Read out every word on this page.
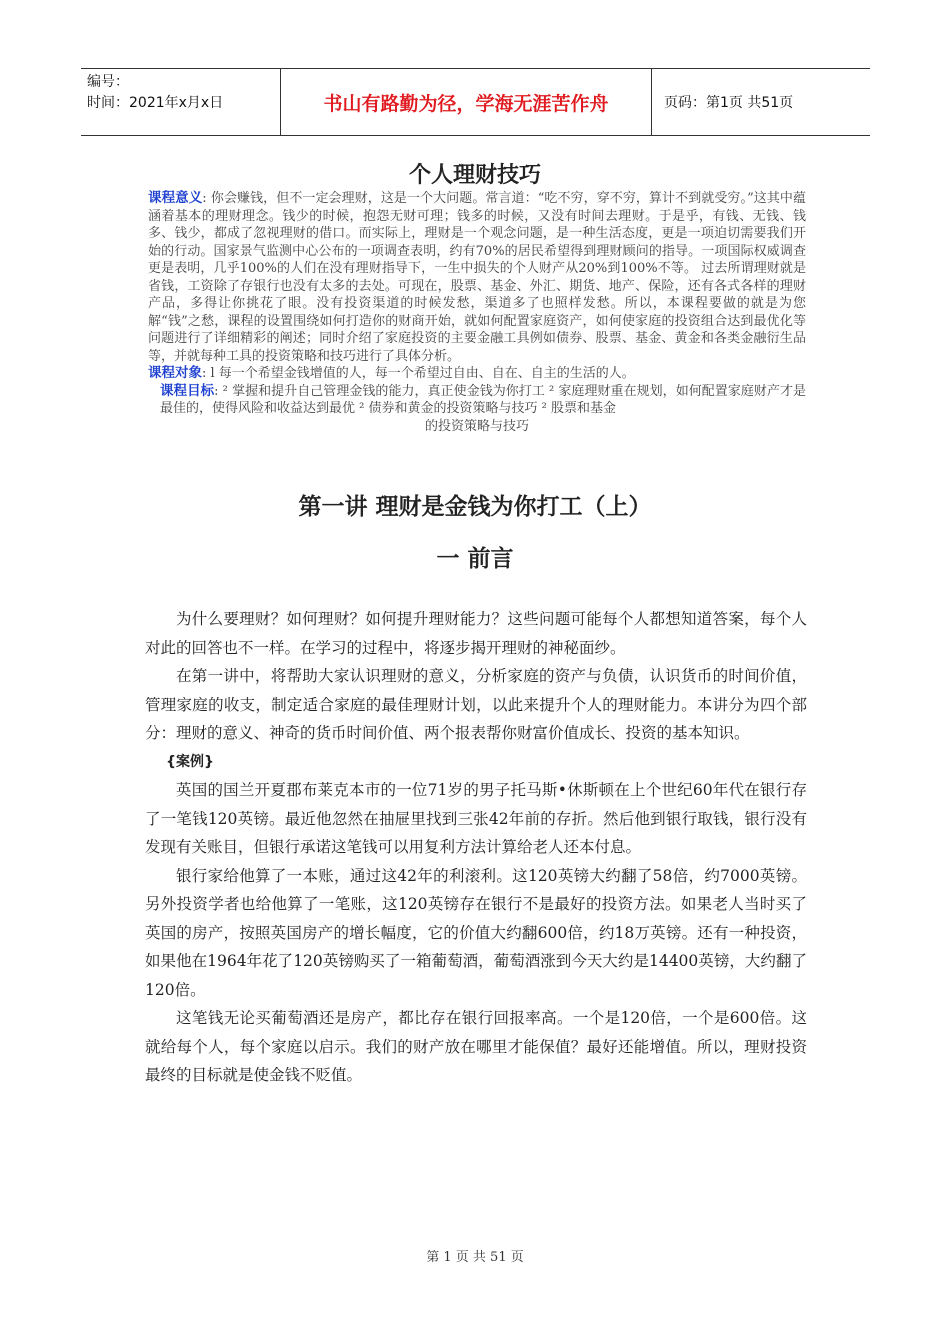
编号：
时间：2021年x月x日	书山有路勤为径，学海无涯苦作舟	页码：第1页 共51页
个人理财技巧

课程意义: 你会赚钱，但不一定会理财，这是一个大问题。常言道：“吃不穷，穿不穷，算计不到就受穷。”这其中蕴涵着基本的理财理念。钱少的时候，抱怨无财可理；钱多的时候，又没有时间去理财。于是乎，有钱、无钱、钱多、钱少，都成了忽视理财的借口。而实际上，理财是一个观念问题，是一种生活态度，更是一项迫切需要我们开始的行动。国家景气监测中心公布的一项调查表明，约有70%的居民希望得到理财顾问的指导。一项国际权威调查更是表明，几乎100%的人们在没有理财指导下，一生中损失的个人财产从20%到100%不等。 过去所谓理财就是省钱，工资除了存银行也没有太多的去处。可现在，股票、基金、外汇、期货、地产、保险，还有各式各样的理财产品，多得让你挑花了眼。没有投资渠道的时候发愁，渠道多了也照样发愁。所以，本课程要做的就是为您解“钱”之愁，课程的设置围绕如何打造你的财商开始，就如何配置家庭资产，如何使家庭的投资组合达到最优化等问题进行了详细精彩的阐述；同时介绍了家庭投资的主要金融工具例如债券、股票、基金、黄金和各类金融衍生品等，并就每种工具的投资策略和技巧进行了具体分析。

课程对象: l 每一个希望金钱增值的人，每一个希望过自由、自在、自主的生活的人。

课程目标: ² 掌握和提升自己管理金钱的能力，真正使金钱为你打工 ² 家庭理财重在规划，如何配置家庭财产才是最佳的，使得风险和收益达到最优 ² 债券和黄金的投资策略与技巧 ² 股票和基金

的投资策略与技巧

第一讲 理财是金钱为你打工（上）
一 前言

为什么要理财？如何理财？如何提升理财能力？这些问题可能每个人都想知道答案，每个人对此的回答也不一样。在学习的过程中，将逐步揭开理财的神秘面纱。

在第一讲中，将帮助大家认识理财的意义，分析家庭的资产与负债，认识货币的时间价值，管理家庭的收支，制定适合家庭的最佳理财计划，以此来提升个人的理财能力。本讲分为四个部分：理财的意义、神奇的货币时间价值、两个报表帮你财富价值成长、投资的基本知识。

{案例}

英国的国兰开夏郡布莱克本市的一位71岁的男子托马斯•休斯顿在上个世纪60年代在银行存了一笔钱120英镑。最近他忽然在抽屉里找到三张42年前的存折。然后他到银行取钱，银行没有发现有关账目，但银行承诺这笔钱可以用复利方法计算给老人还本付息。

银行家给他算了一本账，通过这42年的利滚利。这120英镑大约翻了58倍，约7000英镑。另外投资学者也给他算了一笔账，这120英镑存在银行不是最好的投资方法。如果老人当时买了英国的房产，按照英国房产的增长幅度，它的价值大约翻600倍，约18万英镑。还有一种投资，如果他在1964年花了120英镑购买了一箱葡萄酒，葡萄酒涨到今天大约是14400英镑，大约翻了120倍。

这笔钱无论买葡萄酒还是房产，都比存在银行回报率高。一个是120倍，一个是600倍。这就给每个人，每个家庭以启示。我们的财产放在哪里才能保值？最好还能增值。所以，理财投资最终的目标就是使金钱不贬值。

第 1 页 共 51 页
